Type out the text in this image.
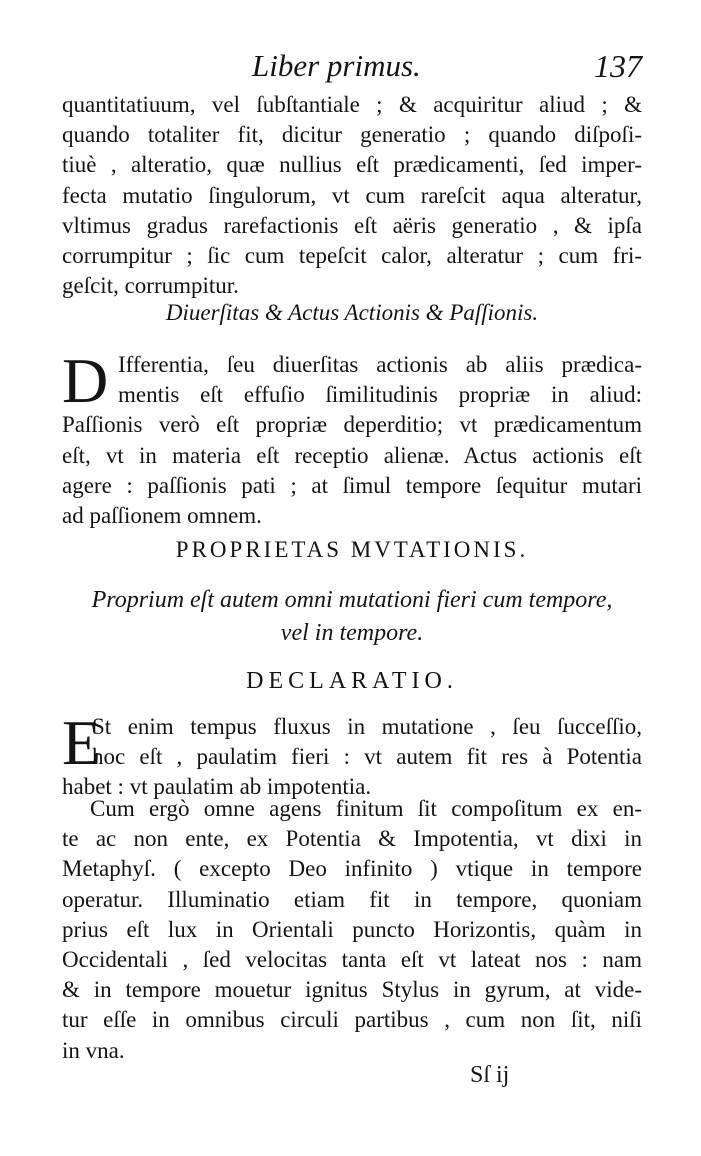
Liber primus.	137
quantitatiuum, vel ſubſtantiale ; & acquiritur aliud ; &
quando totaliter fit, dicitur generatio ; quando diſpoſi-
tiuè , alteratio, quæ nullius eſt prædicamenti, ſed imper-
fecta mutatio ſingulorum, vt cum rareſcit aqua alteratur,
vltimus gradus rarefactionis eſt aëris generatio , & ipſa
corrumpitur ; ſic cum tepeſcit calor, alteratur ; cum fri-
geſcit, corrumpitur.
Diuerſitas & Actus Actionis & Paſſionis.
D Ifferentia, ſeu diuerſitas actionis ab aliis prædica-
mentis eſt effuſio ſimilitudinis propriæ in aliud:
Paſſionis verò eſt propriæ deperditio; vt prædicamentum
eſt, vt in materia eſt receptio alienæ. Actus actionis eſt
agere : paſſionis pati ; at ſimul tempore ſequitur mutari
ad paſſionem omnem.
PROPRIETAS MVTATIONIS.
Proprium eſt autem omni mutationi fieri cum tempore,
vel in tempore.
DECLARATIO.
E
St enim tempus fluxus in mutatione , ſeu ſucceſſio,
hoc eſt , paulatim fieri : vt autem fit res à Potentia
habet : vt paulatim ab impotentia.
Cum ergò omne agens finitum ſit compoſitum ex en-
te ac non ente, ex Potentia & Impotentia, vt dixi in
Metaphyſ. ( excepto Deo infinito ) vtique in tempore
operatur. Illuminatio etiam fit in tempore, quoniam
prius eſt lux in Orientali puncto Horizontis, quàm in
Occidentali , ſed velocitas tanta eſt vt lateat nos : nam
& in tempore mouetur ignitus Stylus in gyrum, at vide-
tur eſſe in omnibus circuli partibus , cum non ſit, niſi
in vna.
Sſ ij
